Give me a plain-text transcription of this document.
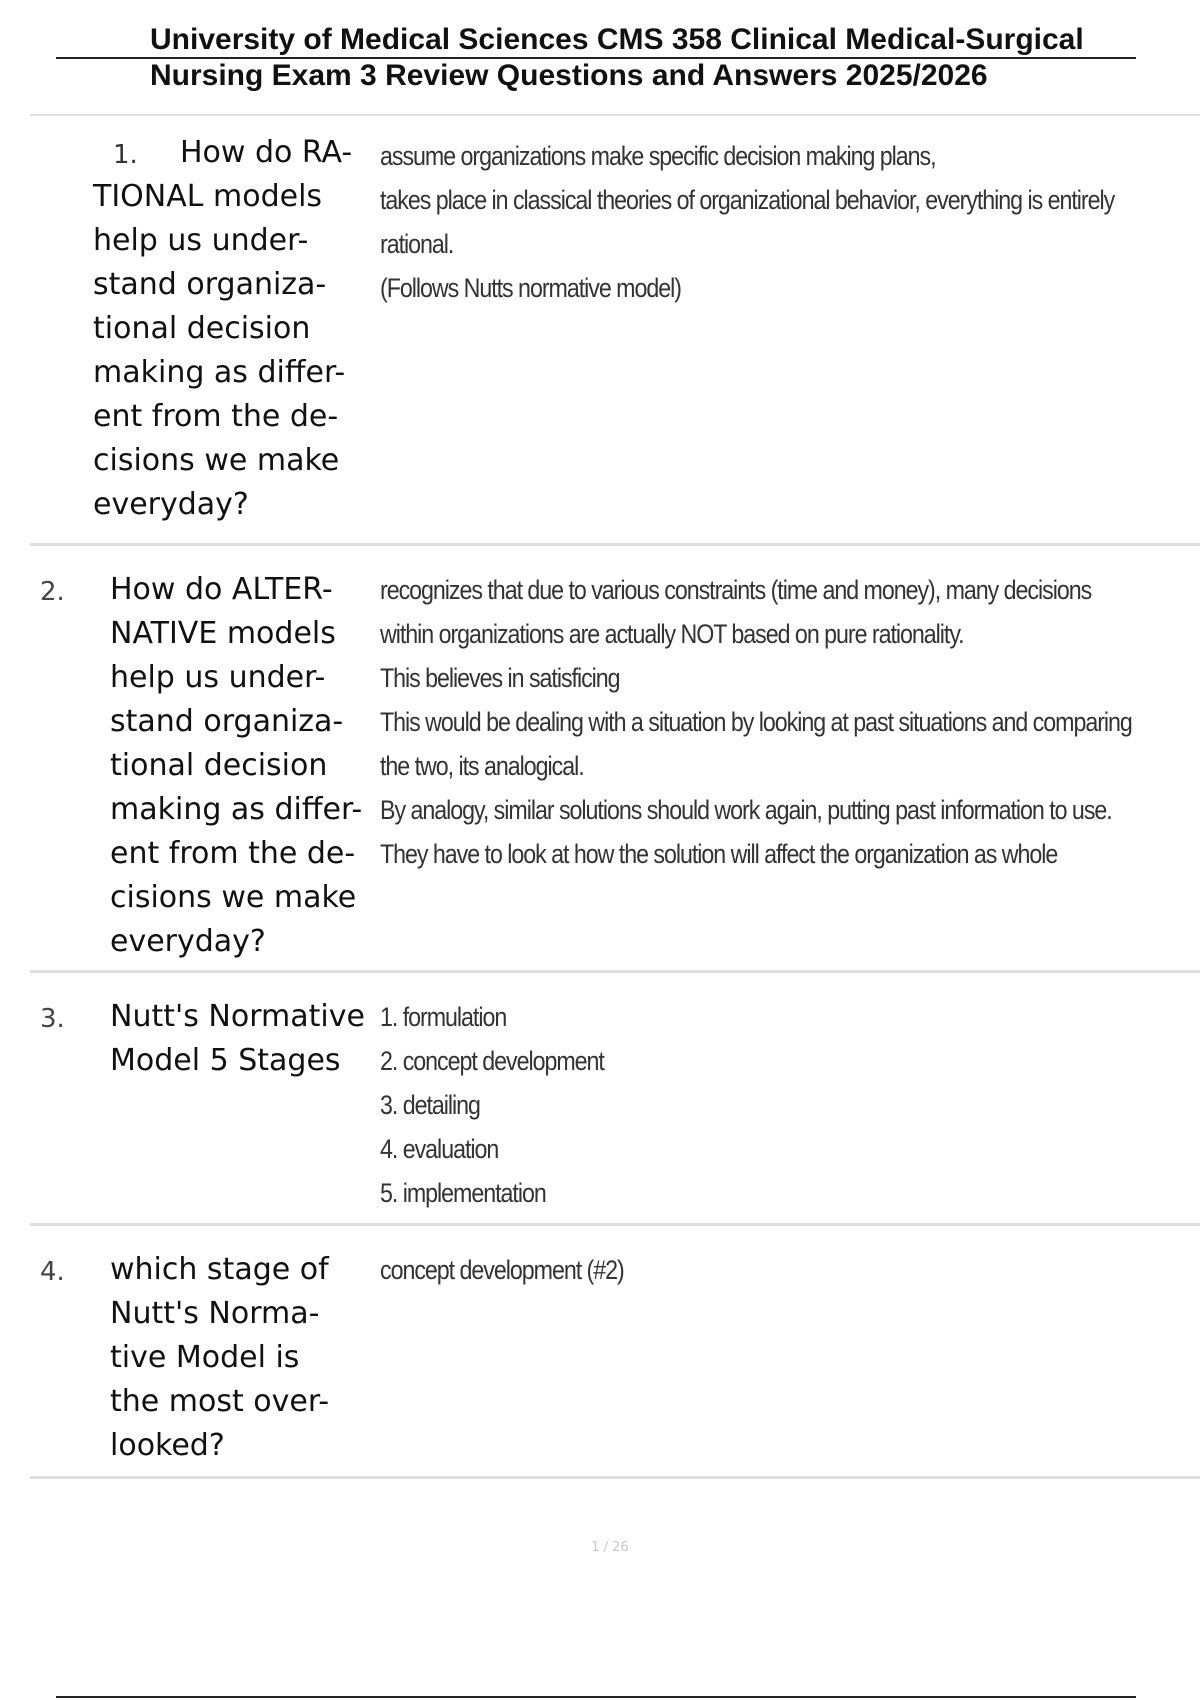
University of Medical Sciences CMS 358 Clinical Medical-Surgical
Nursing Exam 3 Review Questions and Answers 2025/2026
1.	How do RA-
TIONAL models
help us under-
stand organiza-
tional decision
making as differ-
ent from the de-
cisions we make
everyday?

assume organizations make specific decision making plans,
takes place in classical theories of organizational behavior, everything is entirely
rational.
(Follows Nutts normative model)
2. How do ALTER-
NATIVE models
help us under-
stand organiza-
tional decision
making as differ-
ent from the de-
cisions we make
everyday?

recognizes that due to various constraints (time and money), many decisions
within organizations are actually NOT based on pure rationality.
This believes in satisficing
This would be dealing with a situation by looking at past situations and comparing
the two, its analogical.
By analogy, similar solutions should work again, putting past information to use.
They have to look at how the solution will affect the organization as whole
3. Nutt's Normative
Model 5 Stages

1. formulation
2. concept development
3. detailing
4. evaluation
5. implementation
4. which stage of
Nutt's Norma-
tive Model is
the most over-
looked?

concept development (#2)
1 / 26
